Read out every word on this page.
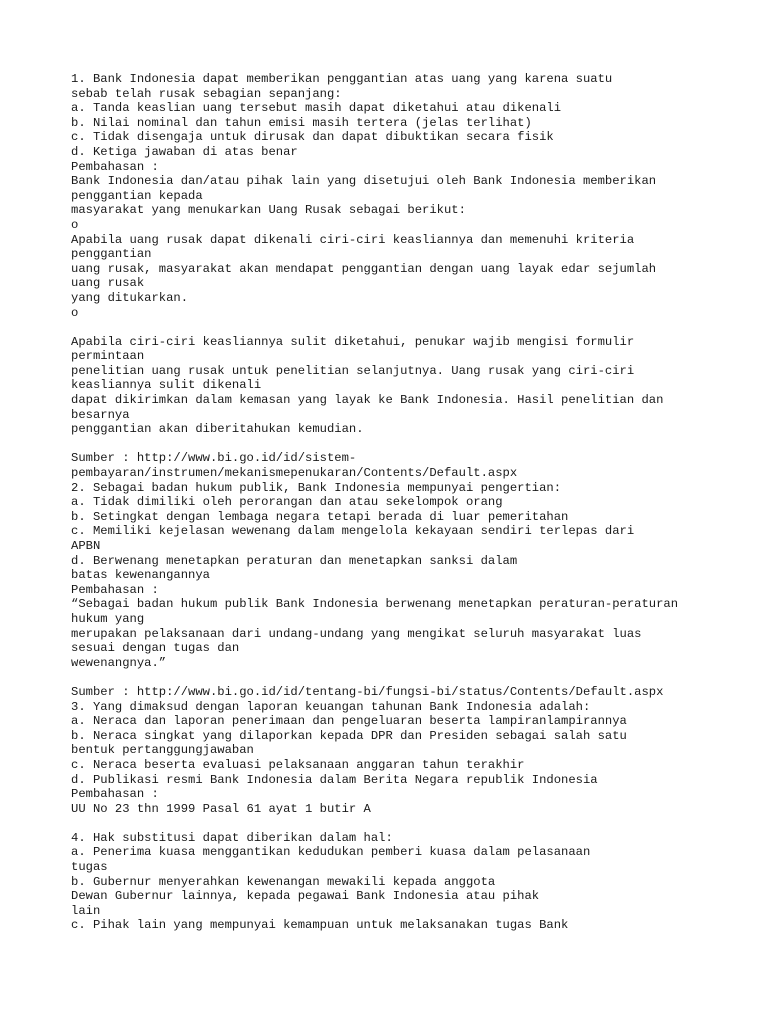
1. Bank Indonesia dapat memberikan penggantian atas uang yang karena suatu
sebab telah rusak sebagian sepanjang:
a. Tanda keaslian uang tersebut masih dapat diketahui atau dikenali
b. Nilai nominal dan tahun emisi masih tertera (jelas terlihat)
c. Tidak disengaja untuk dirusak dan dapat dibuktikan secara fisik
d. Ketiga jawaban di atas benar
Pembahasan :
Bank Indonesia dan/atau pihak lain yang disetujui oleh Bank Indonesia memberikan
penggantian kepada
masyarakat yang menukarkan Uang Rusak sebagai berikut:
o
Apabila uang rusak dapat dikenali ciri-ciri keasliannya dan memenuhi kriteria
penggantian
uang rusak, masyarakat akan mendapat penggantian dengan uang layak edar sejumlah
uang rusak
yang ditukarkan.
o
Apabila ciri-ciri keasliannya sulit diketahui, penukar wajib mengisi formulir
permintaan
penelitian uang rusak untuk penelitian selanjutnya. Uang rusak yang ciri-ciri
keasliannya sulit dikenali
dapat dikirimkan dalam kemasan yang layak ke Bank Indonesia. Hasil penelitian dan
besarnya
penggantian akan diberitahukan kemudian.
Sumber : http://www.bi.go.id/id/sistem-
pembayaran/instrumen/mekanismepenukaran/Contents/Default.aspx
2. Sebagai badan hukum publik, Bank Indonesia mempunyai pengertian:
a. Tidak dimiliki oleh perorangan dan atau sekelompok orang
b. Setingkat dengan lembaga negara tetapi berada di luar pemeritahan
c. Memiliki kejelasan wewenang dalam mengelola kekayaan sendiri terlepas dari
APBN
d. Berwenang menetapkan peraturan dan menetapkan sanksi dalam
batas kewenangannya
Pembahasan :
“Sebagai badan hukum publik Bank Indonesia berwenang menetapkan peraturan-peraturan
hukum yang
merupakan pelaksanaan dari undang-undang yang mengikat seluruh masyarakat luas
sesuai dengan tugas dan
wewenangnya.”
Sumber : http://www.bi.go.id/id/tentang-bi/fungsi-bi/status/Contents/Default.aspx
3. Yang dimaksud dengan laporan keuangan tahunan Bank Indonesia adalah:
a. Neraca dan laporan penerimaan dan pengeluaran beserta lampiranlampirannya
b. Neraca singkat yang dilaporkan kepada DPR dan Presiden sebagai salah satu
bentuk pertanggungjawaban
c. Neraca beserta evaluasi pelaksanaan anggaran tahun terakhir
d. Publikasi resmi Bank Indonesia dalam Berita Negara republik Indonesia
Pembahasan :
UU No 23 thn 1999 Pasal 61 ayat 1 butir A
4. Hak substitusi dapat diberikan dalam hal:
a. Penerima kuasa menggantikan kedudukan pemberi kuasa dalam pelasanaan
tugas
b. Gubernur menyerahkan kewenangan mewakili kepada anggota
Dewan Gubernur lainnya, kepada pegawai Bank Indonesia atau pihak
lain
c. Pihak lain yang mempunyai kemampuan untuk melaksanakan tugas Bank
